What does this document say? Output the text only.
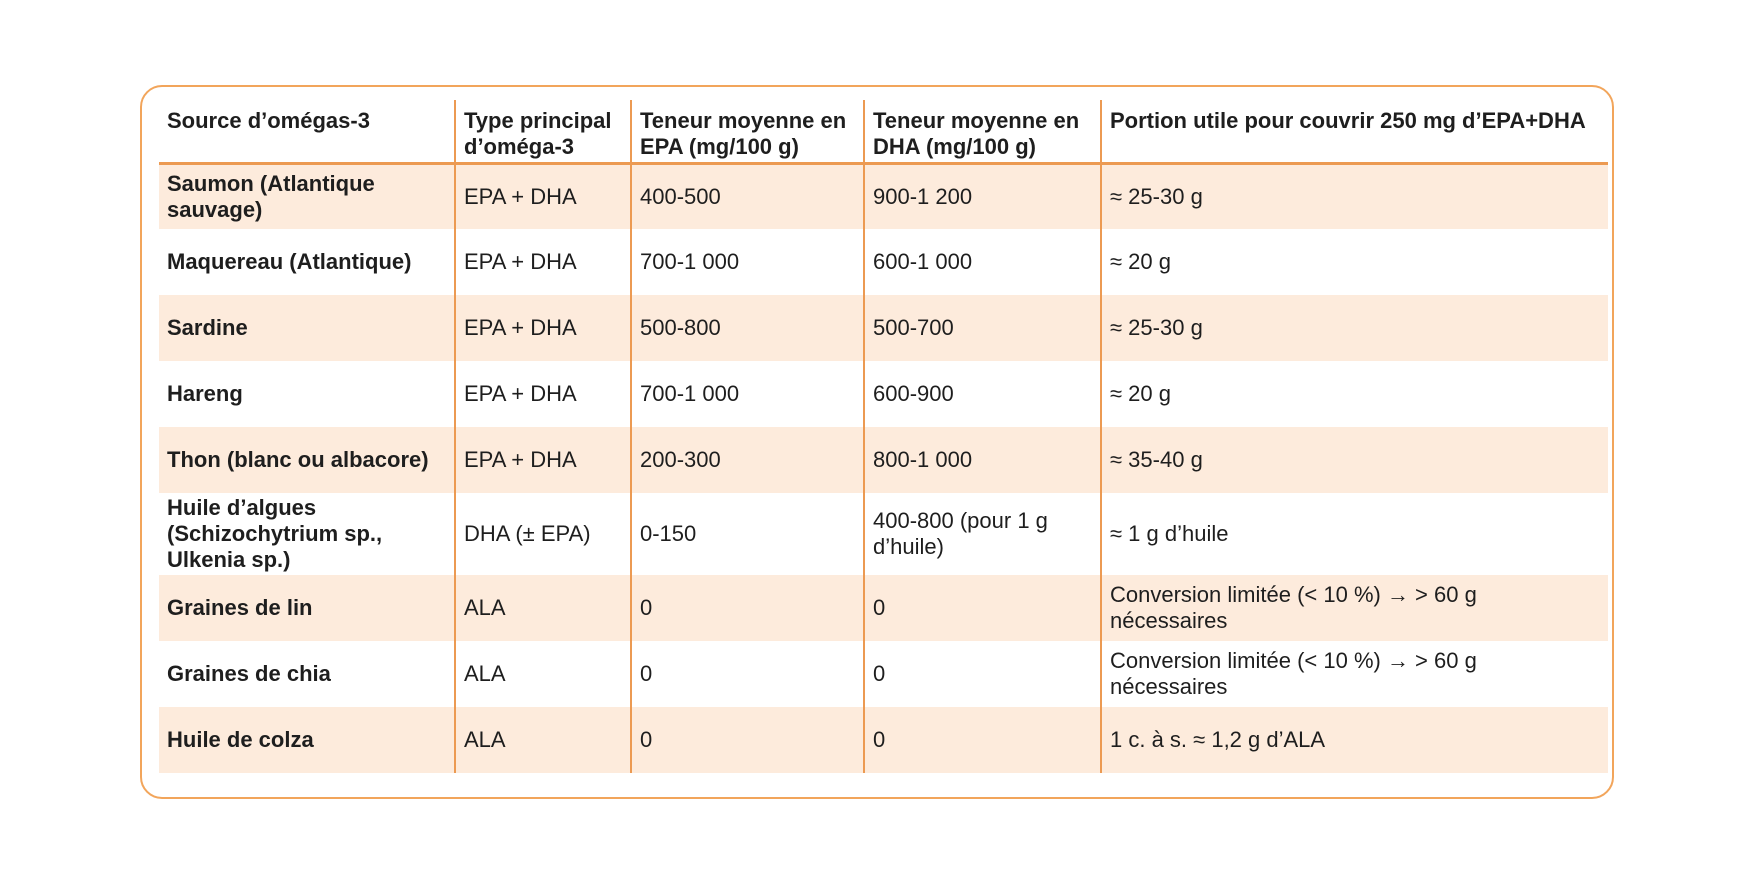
Source d’omégas-3	Type principal d’oméga-3	Teneur moyenne en EPA (mg/100 g)	Teneur moyenne en DHA (mg/100 g)	Portion utile pour couvrir 250 mg d’EPA+DHA
Saumon (Atlantique sauvage)	EPA + DHA	400-500	900-1 200	≈ 25-30 g
Maquereau (Atlantique)	EPA + DHA	700-1 000	600-1 000	≈ 20 g
Sardine	EPA + DHA	500-800	500-700	≈ 25-30 g
Hareng	EPA + DHA	700-1 000	600-900	≈ 20 g
Thon (blanc ou albacore)	EPA + DHA	200-300	800-1 000	≈ 35-40 g
Huile d’algues (Schizochytrium sp., Ulkenia sp.)	DHA (± EPA)	0-150	400-800 (pour 1 g d’huile)	≈ 1 g d’huile
Graines de lin	ALA	0	0	Conversion limitée (< 10 %) → > 60 g nécessaires
Graines de chia	ALA	0	0	Conversion limitée (< 10 %) → > 60 g nécessaires
Huile de colza	ALA	0	0	1 c. à s. ≈ 1,2 g d’ALA
